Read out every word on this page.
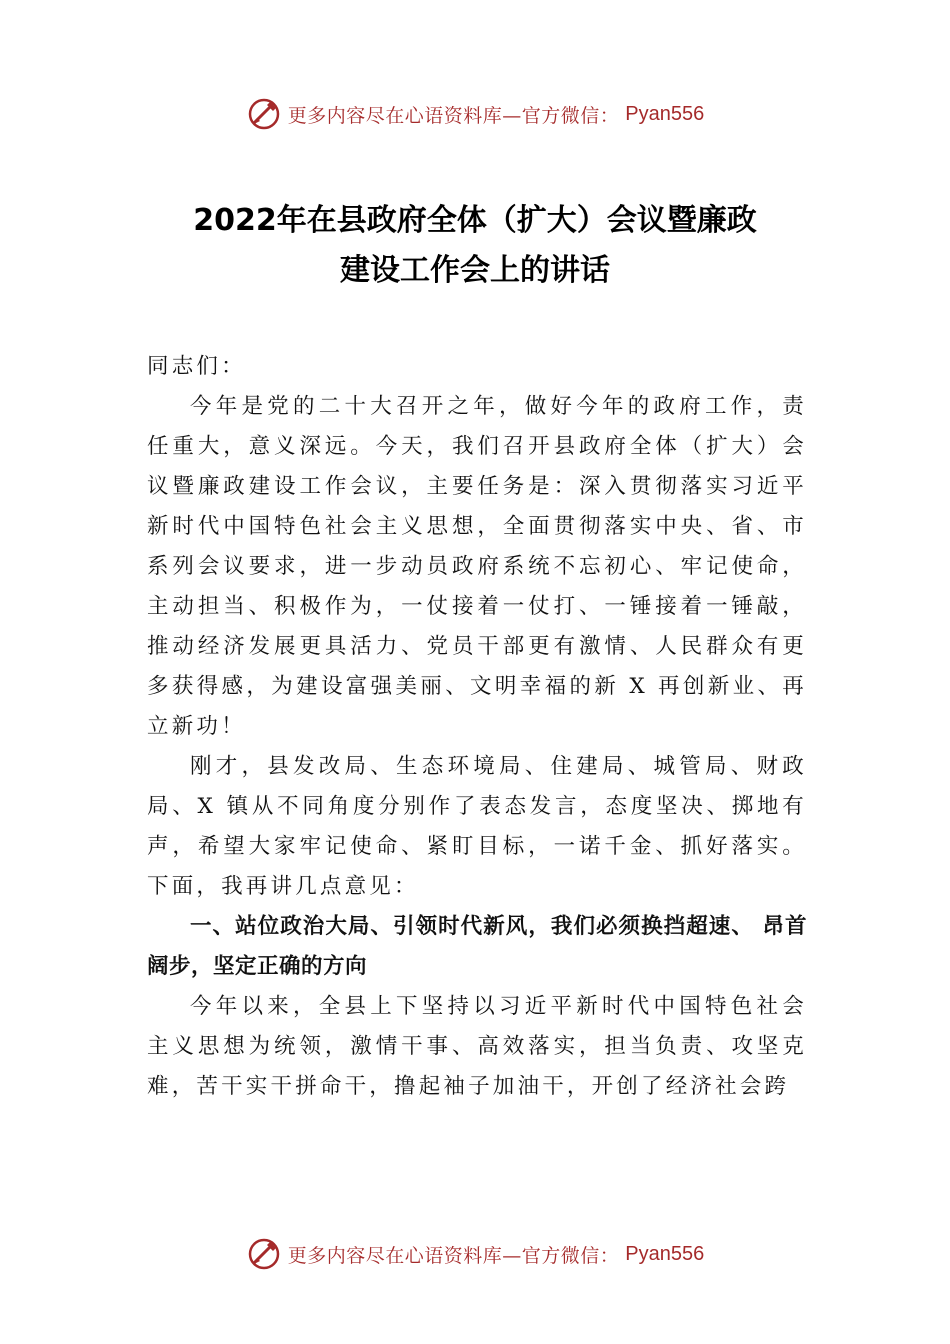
更多内容尽在心语资料库—官方微信： Pyan556
2022年在县政府全体（扩大）会议暨廉政
建设工作会上的讲话

同志们：

今年是党的二十大召开之年，做好今年的政府工作，责任重大，意义深远。今天，我们召开县政府全体（扩大）会议暨廉政建设工作会议，主要任务是：深入贯彻落实习近平新时代中国特色社会主义思想，全面贯彻落实中央、省、市系列会议要求，进一步动员政府系统不忘初心、牢记使命，主动担当、积极作为，一仗接着一仗打、一锤接着一锤敲，推动经济发展更具活力、党员干部更有激情、人民群众有更多获得感，为建设富强美丽、文明幸福的新 X 再创新业、再立新功！

刚才，县发改局、生态环境局、住建局、城管局、财政局、X 镇从不同角度分别作了表态发言，态度坚决、掷地有声，希望大家牢记使命、紧盯目标，一诺千金、抓好落实。下面，我再讲几点意见：

一、站位政治大局、引领时代新风，我们必须换挡超速、 昂首阔步，坚定正确的方向

今年以来，全县上下坚持以习近平新时代中国特色社会主义思想为统领，激情干事、高效落实，担当负责、攻坚克难，苦干实干拼命干，撸起袖子加油干，开创了经济社会跨

更多内容尽在心语资料库—官方微信： Pyan556
